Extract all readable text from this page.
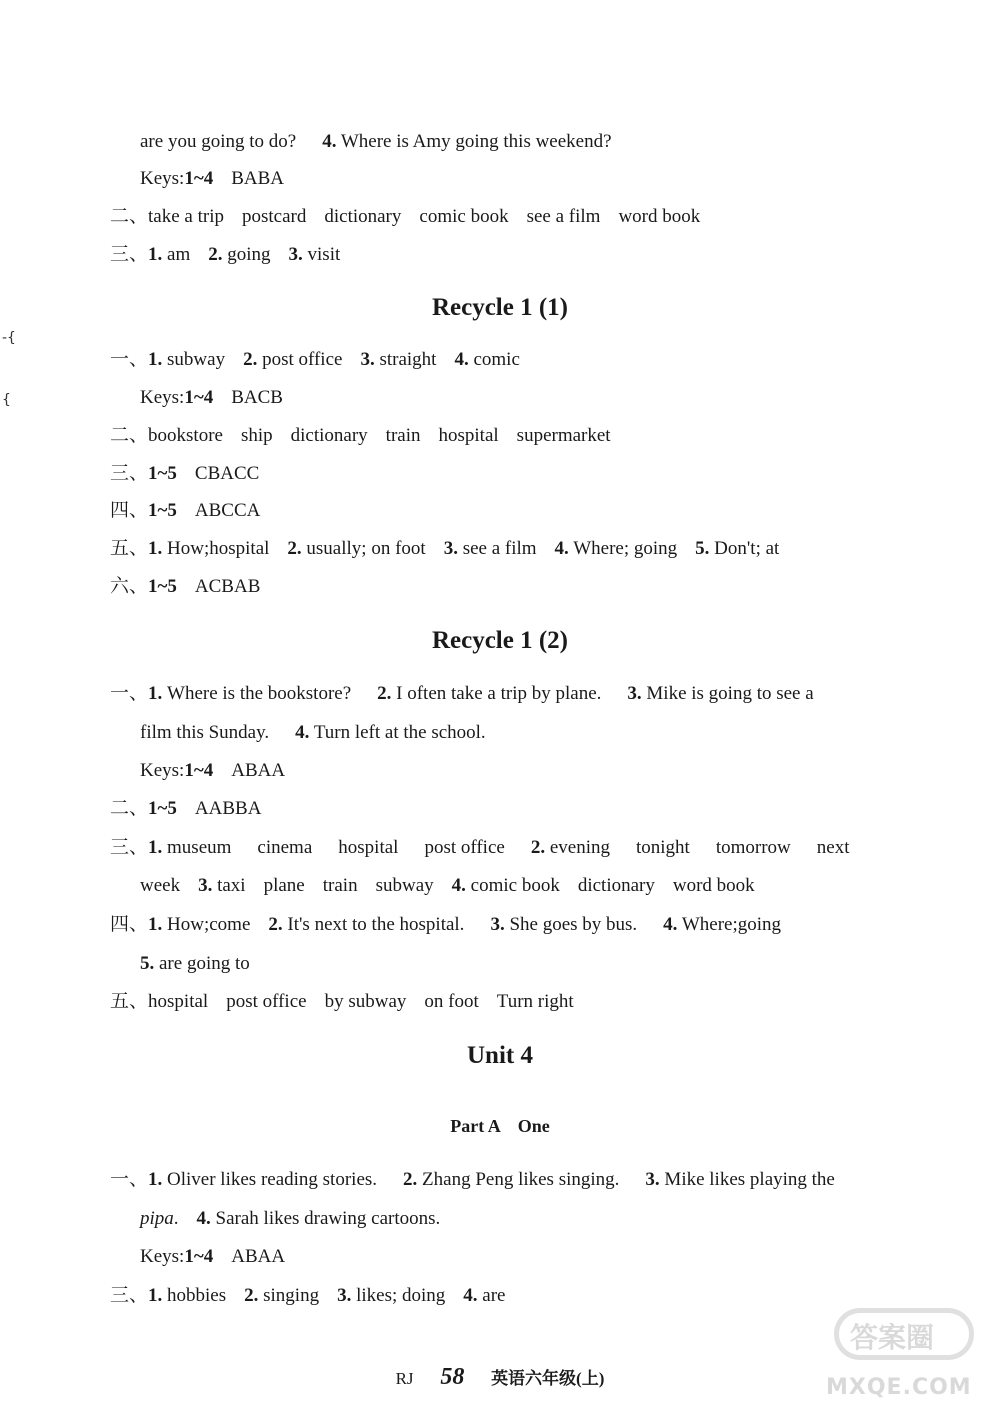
are you going to do? 4. Where is Amy going this weekend?
Keys:1~4 BABA
二、take a trip postcard dictionary comic book see a film word book
三、1. am 2. going 3. visit
Recycle 1 (1)
一、1. subway 2. post office 3. straight 4. comic
Keys:1~4 BACB
二、bookstore ship dictionary train hospital supermarket
三、1~5 CBACC
四、1~5 ABCCA
五、1. How;hospital 2. usually; on foot 3. see a film 4. Where; going 5. Don't; at
六、1~5 ACBAB
Recycle 1 (2)
一、1. Where is the bookstore? 2. I often take a trip by plane. 3. Mike is going to see a
film this Sunday. 4. Turn left at the school.
Keys:1~4 ABAA
二、1~5 AABBA
三、1. museum cinema hospital post office 2. evening tonight tomorrow next
week 3. taxi plane train subway 4. comic book dictionary word book
四、1. How;come 2. It's next to the hospital. 3. She goes by bus. 4. Where;going
5. are going to
五、hospital post office by subway on foot Turn right
Unit 4
Part A    One
一、1. Oliver likes reading stories. 2. Zhang Peng likes singing. 3. Mike likes playing the
pipa. 4. Sarah likes drawing cartoons.
Keys:1~4 ABAA
三、1. hobbies 2. singing 3. likes; doing 4. are
-{
{
RJ 58 英语六年级(上)
答案圈
MXQE.COM
